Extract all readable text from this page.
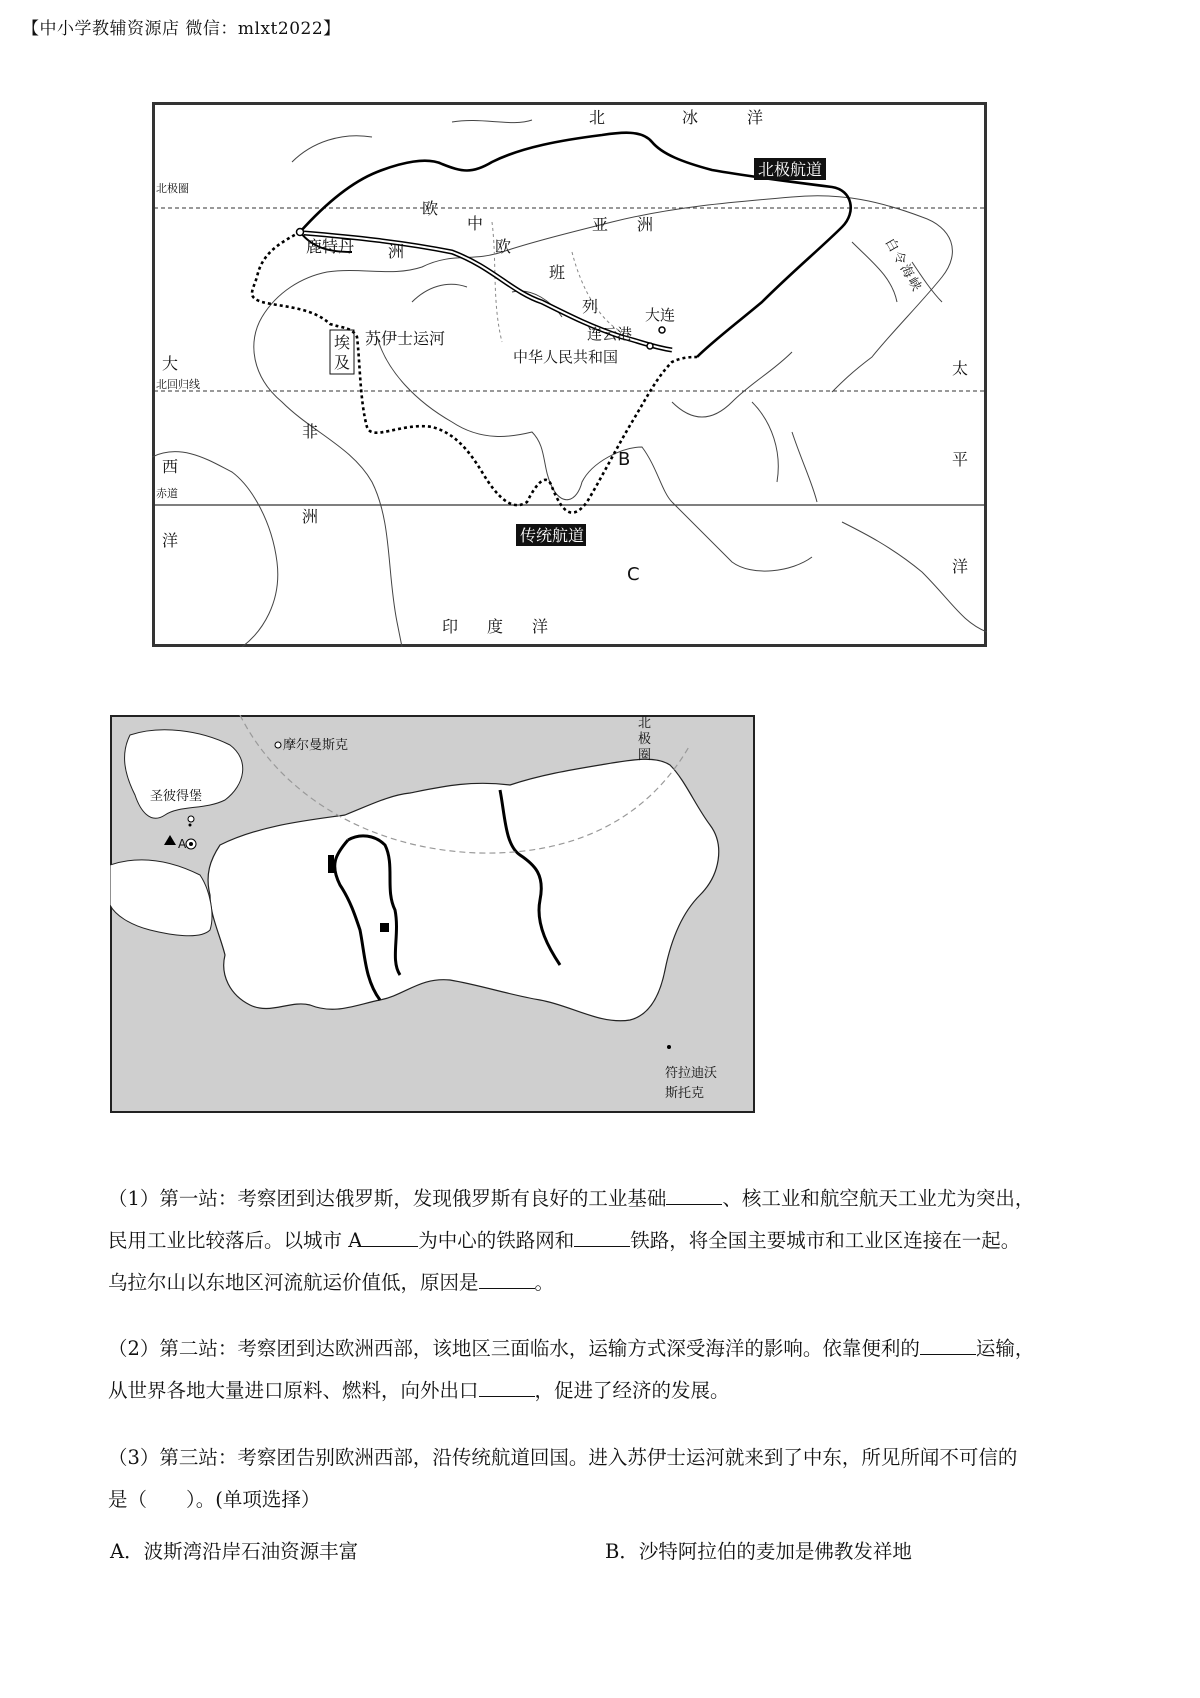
【中小学教辅资源店 微信：mlxt2022】
北	冰	洋
北极航道
北极圈
北回归线
赤道
欧
洲
亚 洲
中
欧
班
列
鹿特丹
苏伊士运河
埃
及	中华人民共和国
大连
连云港
非
洲
大
西
洋
太
平
洋
印 度 洋
白
令
海
峡
传统航道
B
C
摩尔曼斯克
圣彼得堡
A
北
极
圈
符拉迪沃
斯托克
（1）第一站：考察团到达俄罗斯，发现俄罗斯有良好的工业基础	、核工业和航空航天工业尤为突出，
民用工业比较落后。以城市 A	为中心的铁路网和	铁路，将全国主要城市和工业区连接在一起。
乌拉尔山以东地区河流航运价值低，原因是	。
（2）第二站：考察团到达欧洲西部，该地区三面临水，运输方式深受海洋的影响。依靠便利的	运输，
从世界各地大量进口原料、燃料，向外出口	，促进了经济的发展。
（3）第三站：考察团告别欧洲西部，沿传统航道回国。进入苏伊士运河就来到了中东，所见所闻不可信的
是（　　）。(单项选择）
A．波斯湾沿岸石油资源丰富	B．沙特阿拉伯的麦加是佛教发祥地
